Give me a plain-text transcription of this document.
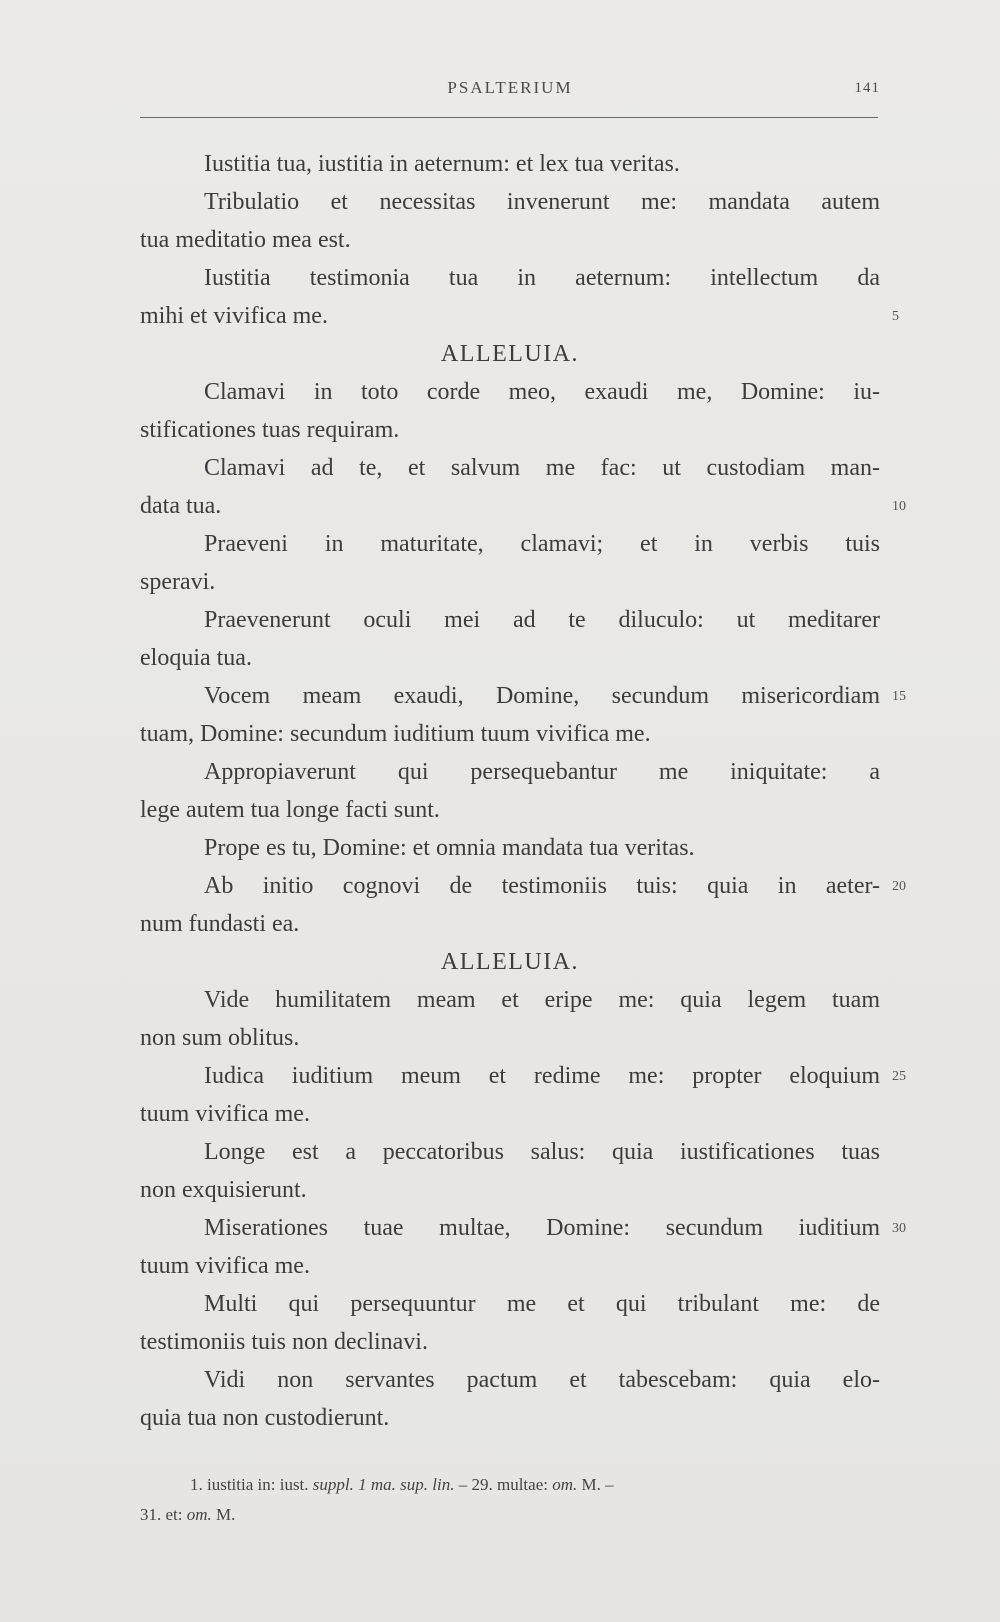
PSALTERIUM	141
Iustitia tua, iustitia in aeternum: et lex tua veritas.
Tribulatio et necessitas invenerunt me: mandata autem
tua meditatio mea est.
Iustitia testimonia tua in aeternum: intellectum da
mihi et vivifica me.
ALLELUIA.
Clamavi in toto corde meo, exaudi me, Domine: iu-
stificationes tuas requiram.
Clamavi ad te, et salvum me fac: ut custodiam man-
data tua.
Praeveni in maturitate, clamavi; et in verbis tuis
speravi.
Praevenerunt oculi mei ad te diluculo: ut meditarer
eloquia tua.
Vocem meam exaudi, Domine, secundum misericordiam
tuam, Domine: secundum iuditium tuum vivifica me.
Appropiaverunt qui persequebantur me iniquitate: a
lege autem tua longe facti sunt.
Prope es tu, Domine: et omnia mandata tua veritas.
Ab initio cognovi de testimoniis tuis: quia in aeter-
num fundasti ea.
ALLELUIA.
Vide humilitatem meam et eripe me: quia legem tuam
non sum oblitus.
Iudica iuditium meum et redime me: propter eloquium
tuum vivifica me.
Longe est a peccatoribus salus: quia iustificationes tuas
non exquisierunt.
Miserationes tuae multae, Domine: secundum iuditium
tuum vivifica me.
Multi qui persequuntur me et qui tribulant me: de
testimoniis tuis non declinavi.
Vidi non servantes pactum et tabescebam: quia elo-
quia tua non custodierunt.
5
10
15
20
25
30
1. iustitia in: iust. suppl. 1 ma. sup. lin. – 29. multae: om. M. –
31. et: om. M.
